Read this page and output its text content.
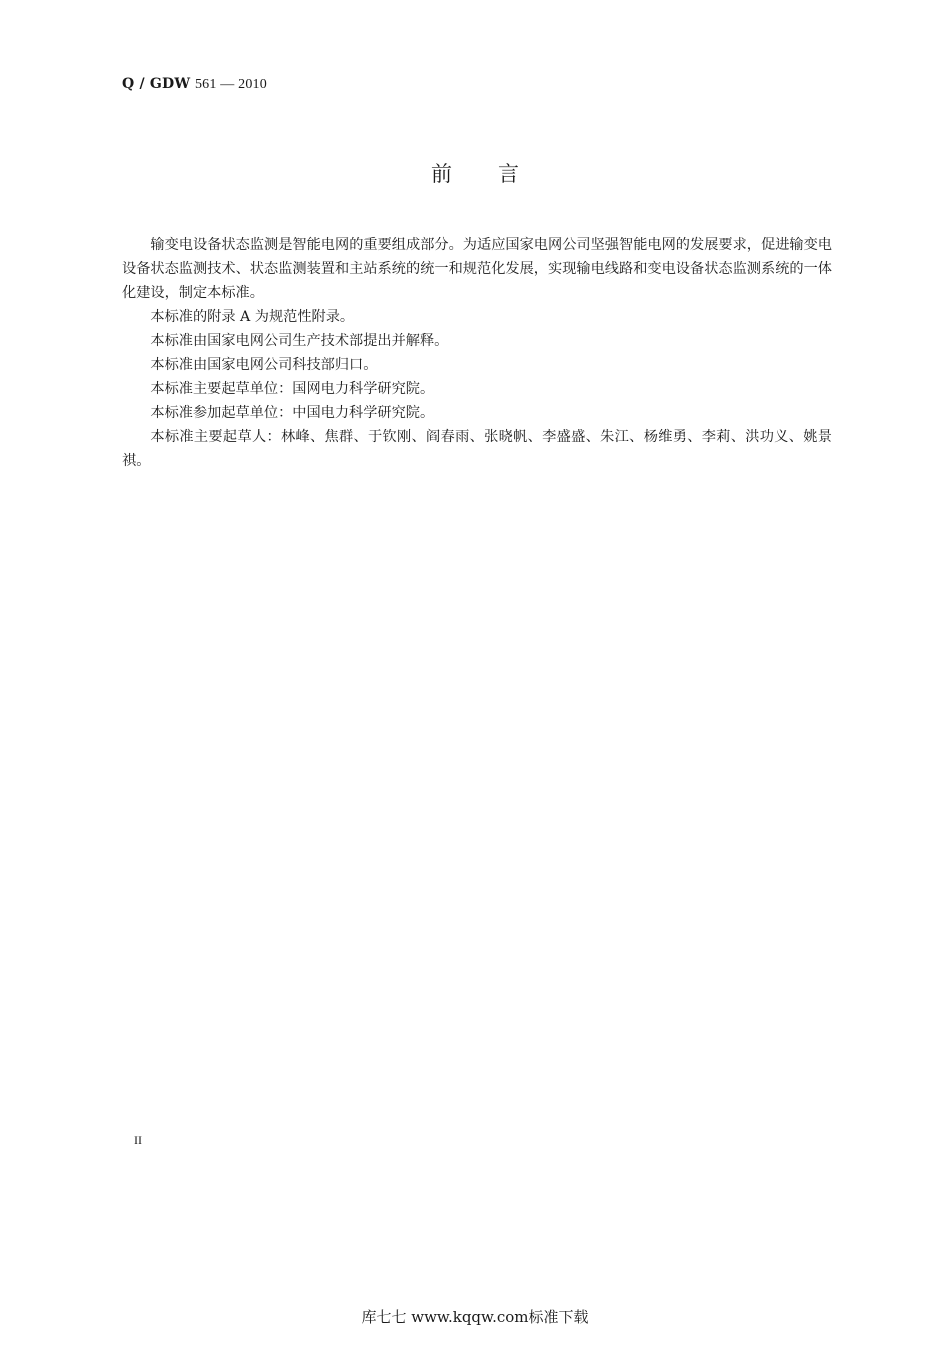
Q / GDW 561 — 2010
前言

输变电设备状态监测是智能电网的重要组成部分。为适应国家电网公司坚强智能电网的发展要求，促进输变电设备状态监测技术、状态监测装置和主站系统的统一和规范化发展，实现输电线路和变电设备状态监测系统的一体化建设，制定本标准。

本标准的附录 A 为规范性附录。

本标准由国家电网公司生产技术部提出并解释。

本标准由国家电网公司科技部归口。

本标准主要起草单位：国网电力科学研究院。

本标准参加起草单位：中国电力科学研究院。

本标准主要起草人：林峰、焦群、于钦刚、阎春雨、张晓帆、李盛盛、朱江、杨维勇、李莉、洪功义、姚景祺。

II
库七七 www.kqqw.com标准下载
